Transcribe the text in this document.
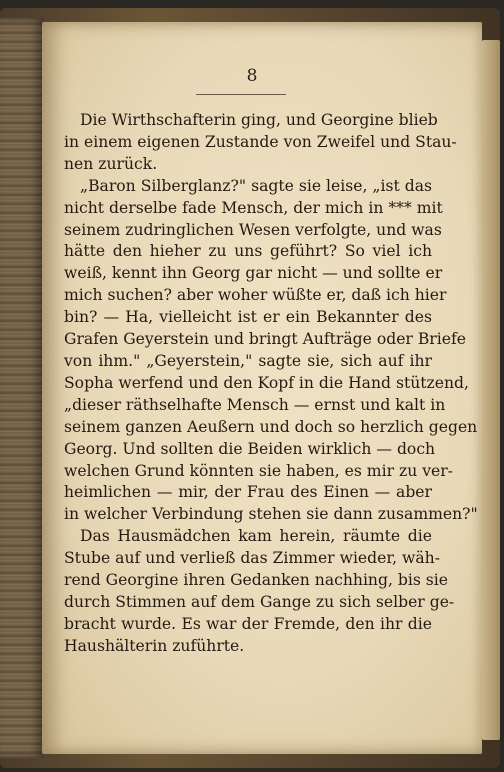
8
Die Wirthschafterin ging, und Georgine blieb
in einem eigenen Zustande von Zweifel und Stau-
nen zurück.
„Baron Silberglanz?" sagte sie leise, „ist das
nicht derselbe fade Mensch, der mich in *** mit
seinem zudringlichen Wesen verfolgte, und was
hätte den hieher zu uns geführt? So viel ich
weiß, kennt ihn Georg gar nicht — und sollte er
mich suchen? aber woher wüßte er, daß ich hier
bin? — Ha, vielleicht ist er ein Bekannter des
Grafen Geyerstein und bringt Aufträge oder Briefe
von ihm." „Geyerstein," sagte sie, sich auf ihr
Sopha werfend und den Kopf in die Hand stützend,
„dieser räthselhafte Mensch — ernst und kalt in
seinem ganzen Aeußern und doch so herzlich gegen
Georg. Und sollten die Beiden wirklich — doch
welchen Grund könnten sie haben, es mir zu ver-
heimlichen — mir, der Frau des Einen — aber
in welcher Verbindung stehen sie dann zusammen?"
Das Hausmädchen kam herein, räumte die
Stube auf und verließ das Zimmer wieder, wäh-
rend Georgine ihren Gedanken nachhing, bis sie
durch Stimmen auf dem Gange zu sich selber ge-
bracht wurde. Es war der Fremde, den ihr die
Haushälterin zuführte.
